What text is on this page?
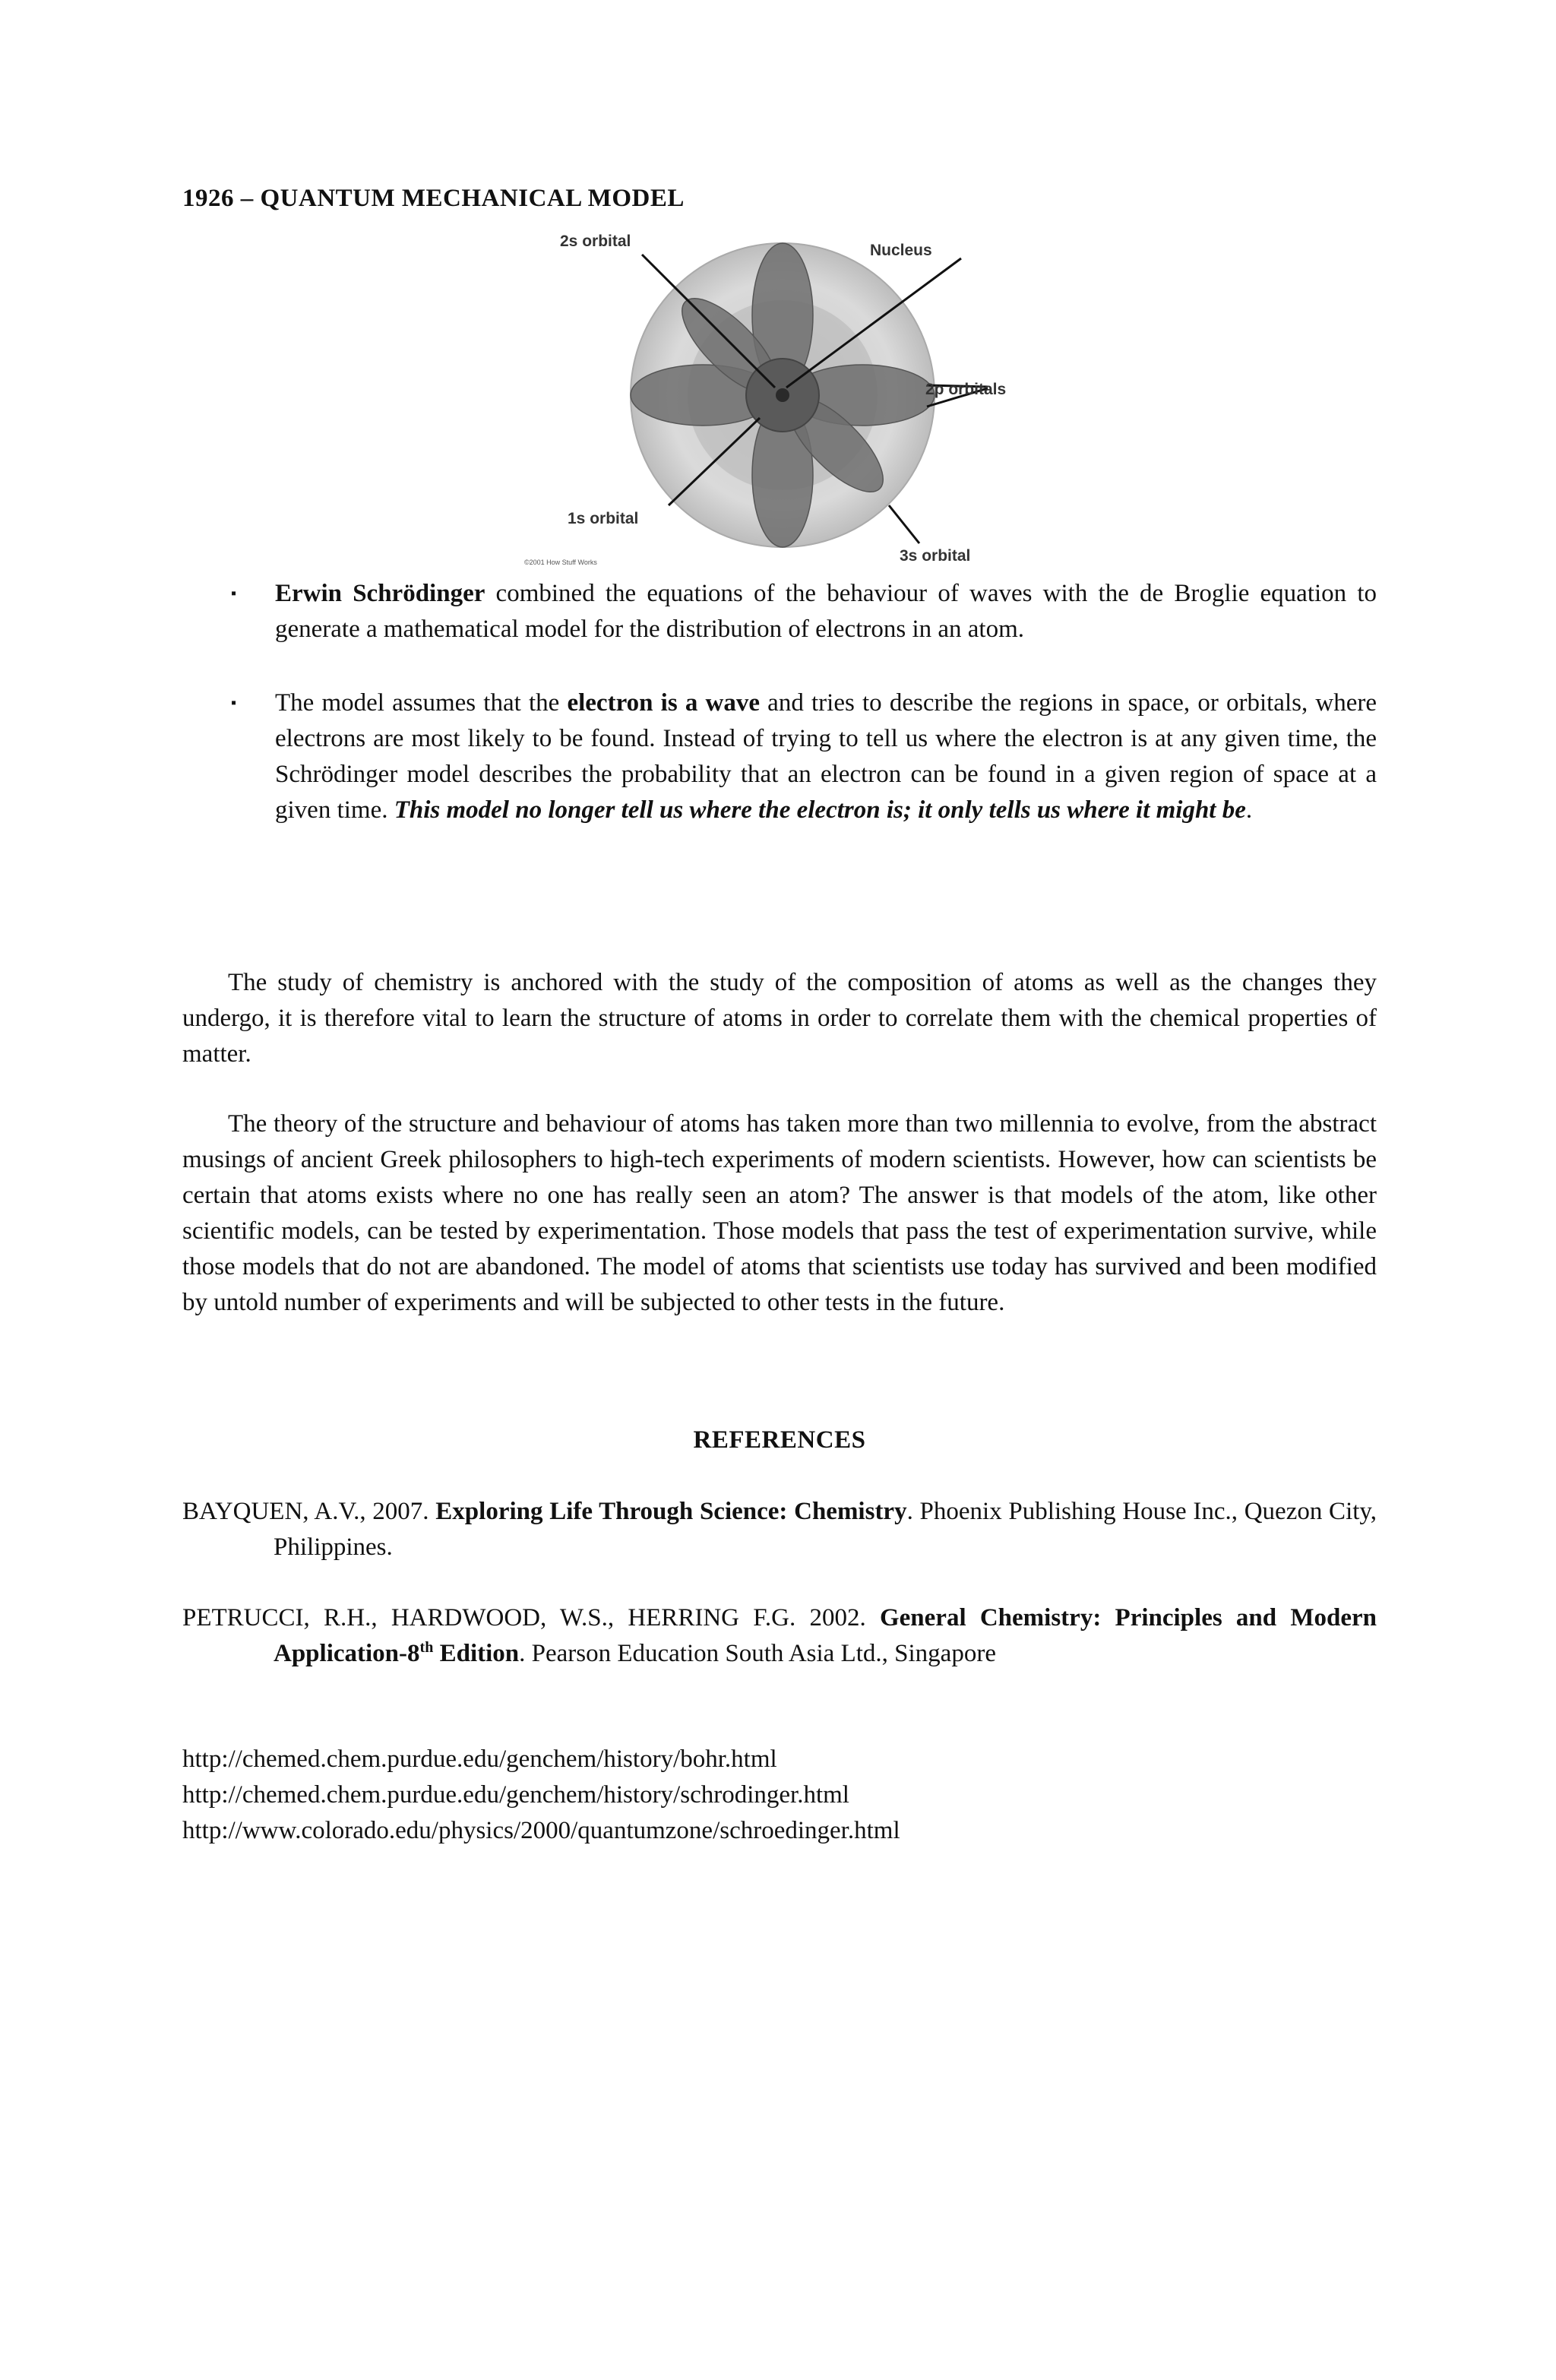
1926 – QUANTUM MECHANICAL MODEL
2s orbital
Nucleus
2p orbitals
1s orbital
3s orbital
©2001 How Stuff Works
▪ Erwin Schrödinger combined the equations of the behaviour of waves with the de Broglie equation to generate a mathematical model for the distribution of electrons in an atom.
▪ The model assumes that the electron is a wave and tries to describe the regions in space, or orbitals, where electrons are most likely to be found. Instead of trying to tell us where the electron is at any given time, the Schrödinger model describes the probability that an electron can be found in a given region of space at a given time. This model no longer tell us where the electron is; it only tells us where it might be.
The study of chemistry is anchored with the study of the composition of atoms as well as the changes they undergo, it is therefore vital to learn the structure of atoms in order to correlate them with the chemical properties of matter.
The theory of the structure and behaviour of atoms has taken more than two millennia to evolve, from the abstract musings of ancient Greek philosophers to high-tech experiments of modern scientists. However, how can scientists be certain that atoms exists where no one has really seen an atom? The answer is that models of the atom, like other scientific models, can be tested by experimentation. Those models that pass the test of experimentation survive, while those models that do not are abandoned. The model of atoms that scientists use today has survived and been modified by untold number of experiments and will be subjected to other tests in the future.
REFERENCES
BAYQUEN, A.V., 2007. Exploring Life Through Science: Chemistry. Phoenix Publishing House Inc., Quezon City, Philippines.
PETRUCCI, R.H., HARDWOOD, W.S., HERRING F.G. 2002. General Chemistry: Principles and Modern Application-8th Edition. Pearson Education South Asia Ltd., Singapore
http://chemed.chem.purdue.edu/genchem/history/bohr.html
http://chemed.chem.purdue.edu/genchem/history/schrodinger.html
http://www.colorado.edu/physics/2000/quantumzone/schroedinger.html
